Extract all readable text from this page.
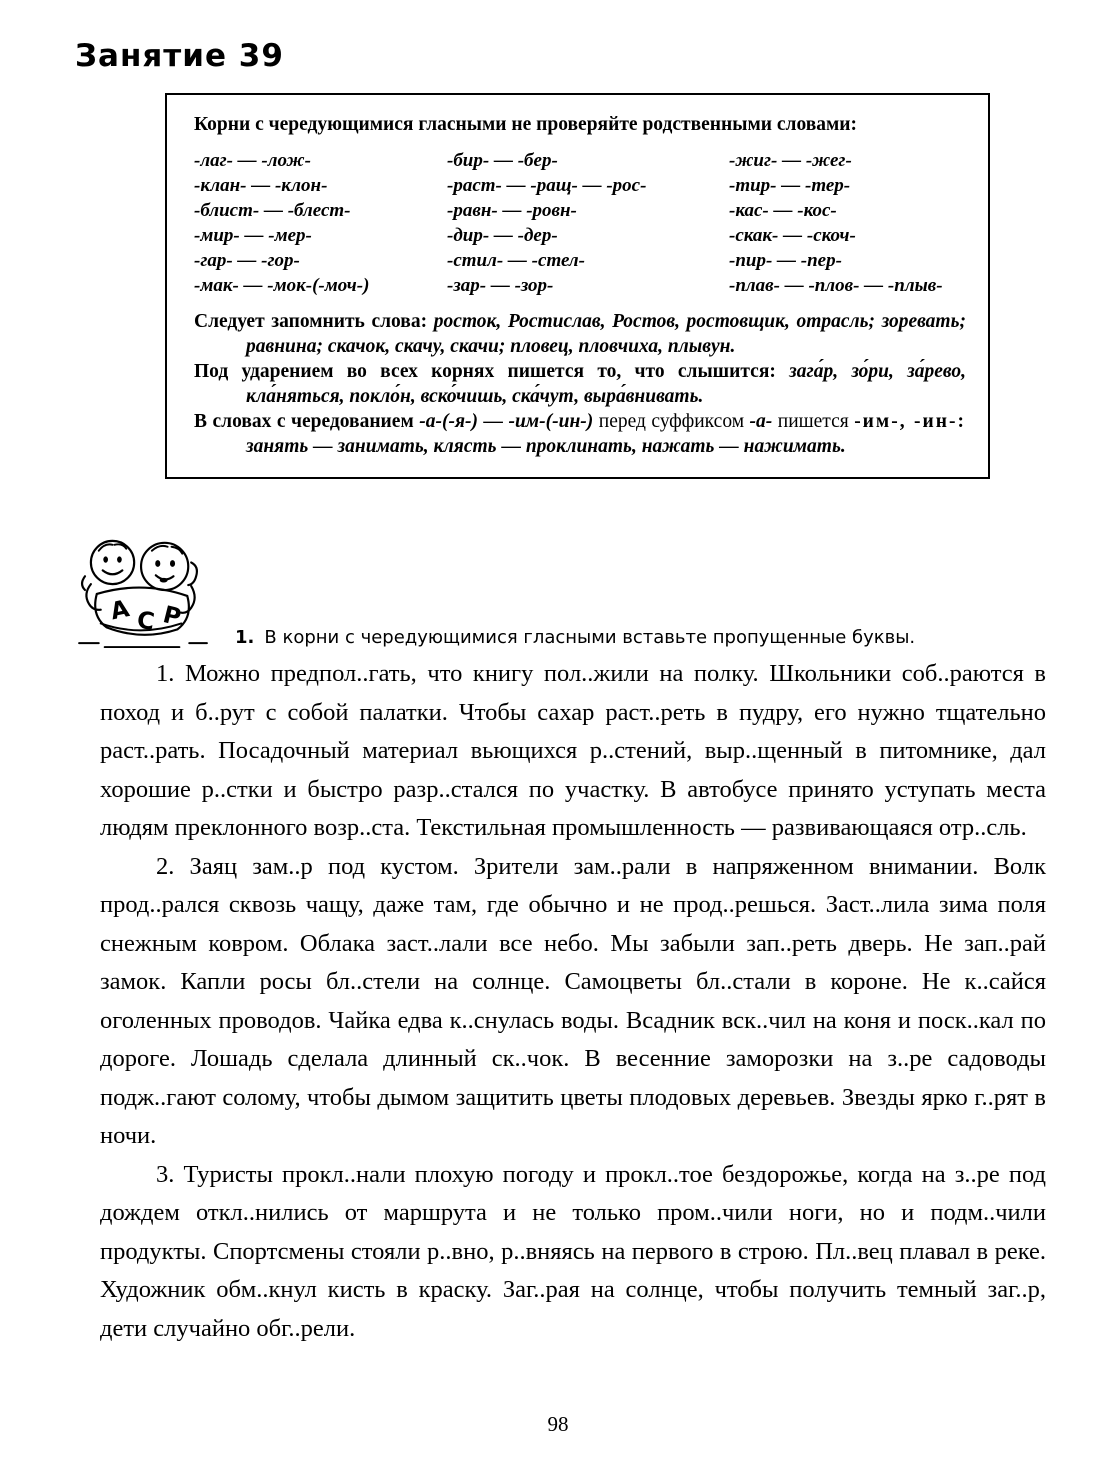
Занятие 39
Корни с чередующимися гласными не проверяйте родственными словами:
-лаг- — -лож-	-бир- — -бер-	-жиг- — -жег-
-клан- — -клон-	-раст- — -ращ- — -рос-	-тир- — -тер-
-блист- — -блест-	-равн- — -ровн-	-кас- — -кос-
-мир- — -мер-	-дир- — -дер-	-скак- — -скоч-
-гар- — -гор-	-стил- — -стел-	-пир- — -пер-
-мак- — -мок-(-моч-)	-зар- — -зор-	-плав- — -плов- — -плыв-
Следует запомнить слова: росток, Ростислав, Ростов, ростовщик, отрасль; зоревать; равнина; скачок, скачу, скачи; пловец, пловчиха, плывун.
Под ударением во всех корнях пишется то, что слышится: зага́р, зо́ри, за́рево, кла́няться, покло́н, вско́чишь, ска́чут, выра́внивать.
В словах с чередованием -а-(-я-) — -им-(-ин-) перед суффиксом -а- пишется -им-, -ин-: занять — занимать, клясть — проклинать, нажать — нажимать.
А С Р

1. В корни с чередующимися гласными вставьте пропущенные буквы.

1. Можно предпол..гать, что книгу пол..жили на полку. Школьники соб..раются в поход и б..рут с собой палатки. Чтобы сахар раст..реть в пудру, его нужно тщательно раст..рать. Посадочный материал вьющихся р..стений, выр..щенный в питомнике, дал хорошие р..стки и быстро разр..стался по участку. В автобусе принято уступать места людям преклонного возр..ста. Текстильная промышленность — развивающаяся отр..сль.

2. Заяц зам..р под кустом. Зрители зам..рали в напряженном внимании. Волк прод..рался сквозь чащу, даже там, где обычно и не прод..решься. Заст..лила зима поля снежным ковром. Облака заст..лали все небо. Мы забыли зап..реть дверь. Не зап..рай замок. Капли росы бл..стели на солнце. Самоцветы бл..стали в короне. Не к..сайся оголенных проводов. Чайка едва к..снулась воды. Всадник вск..чил на коня и поск..кал по дороге. Лошадь сделала длинный ск..чок. В весенние заморозки на з..ре садоводы подж..гают солому, чтобы дымом защитить цветы плодовых деревьев. Звезды ярко г..рят в ночи.

3. Туристы прокл..нали плохую погоду и прокл..тое бездорожье, когда на з..ре под дождем откл..нились от маршрута и не только пром..чили ноги, но и подм..чили продукты. Спортсмены стояли р..вно, р..вняясь на первого в строю. Пл..вец плавал в реке. Художник обм..кнул кисть в краску. Заг..рая на солнце, чтобы получить темный заг..р, дети случайно обг..рели.

98
